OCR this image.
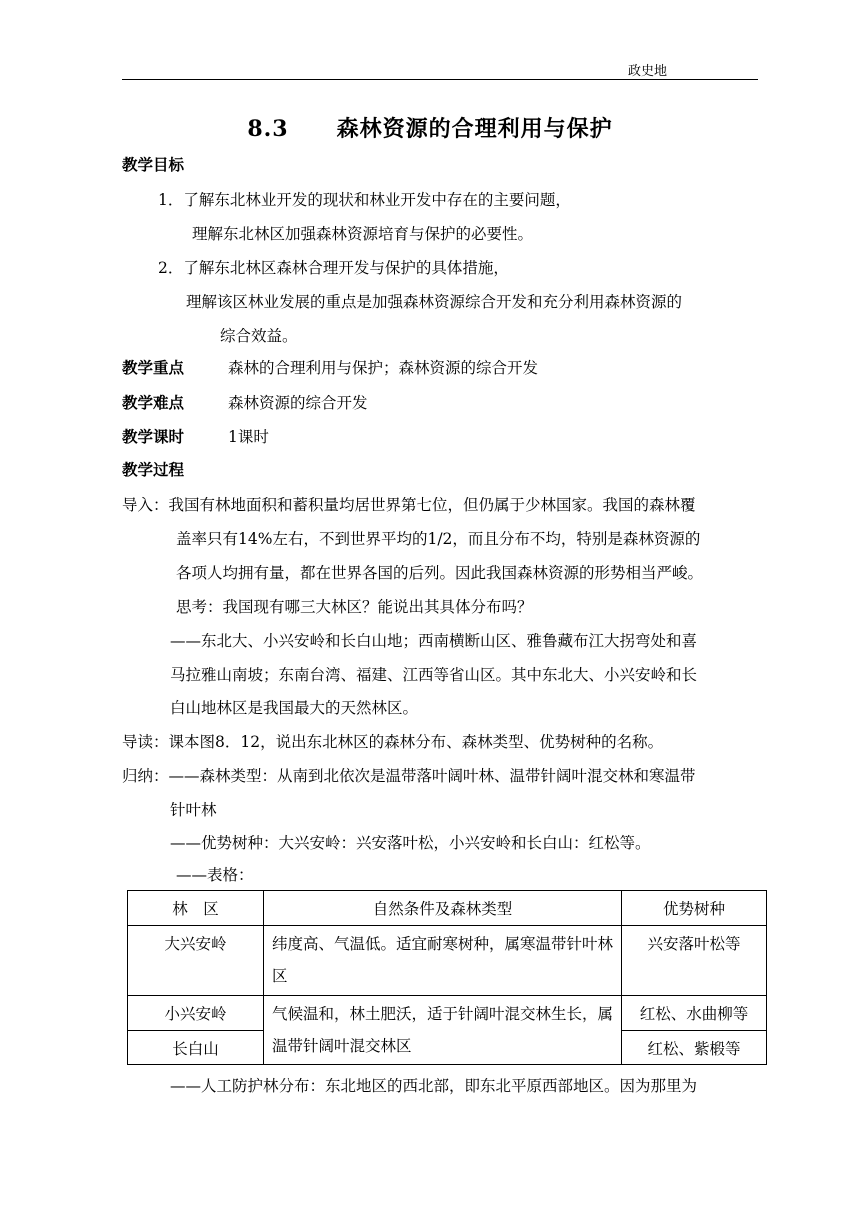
政史地
8.3 森林资源的合理利用与保护
教学目标
1．了解东北林业开发的现状和林业开发中存在的主要问题，
理解东北林区加强森林资源培育与保护的必要性。
2．了解东北林区森林合理开发与保护的具体措施，
理解该区林业发展的重点是加强森林资源综合开发和充分利用森林资源的
综合效益。
教学重点	森林的合理利用与保护；森林资源的综合开发
教学难点	森林资源的综合开发
教学课时	1课时
教学过程
导入：我国有林地面积和蓄积量均居世界第七位，但仍属于少林国家。我国的森林覆
盖率只有14%左右，不到世界平均的1/2，而且分布不均，特别是森林资源的
各项人均拥有量，都在世界各国的后列。因此我国森林资源的形势相当严峻。
思考：我国现有哪三大林区？能说出其具体分布吗？
——东北大、小兴安岭和长白山地；西南横断山区、雅鲁藏布江大拐弯处和喜
马拉雅山南坡；东南台湾、福建、江西等省山区。其中东北大、小兴安岭和长
白山地林区是我国最大的天然林区。
导读：课本图8．12，说出东北林区的森林分布、森林类型、优势树种的名称。
归纳：——森林类型：从南到北依次是温带落叶阔叶林、温带针阔叶混交林和寒温带
针叶林
——优势树种：大兴安岭：兴安落叶松，小兴安岭和长白山：红松等。
——表格：
林　区	自然条件及森林类型	优势树种
大兴安岭	纬度高、气温低。适宜耐寒树种，属寒温带针叶林区	兴安落叶松等
小兴安岭	气候温和，林土肥沃，适于针阔叶混交林生长，属温带针阔叶混交林区	红松、水曲柳等
长白山		红松、紫椴等
——人工防护林分布：东北地区的西北部，即东北平原西部地区。因为那里为
